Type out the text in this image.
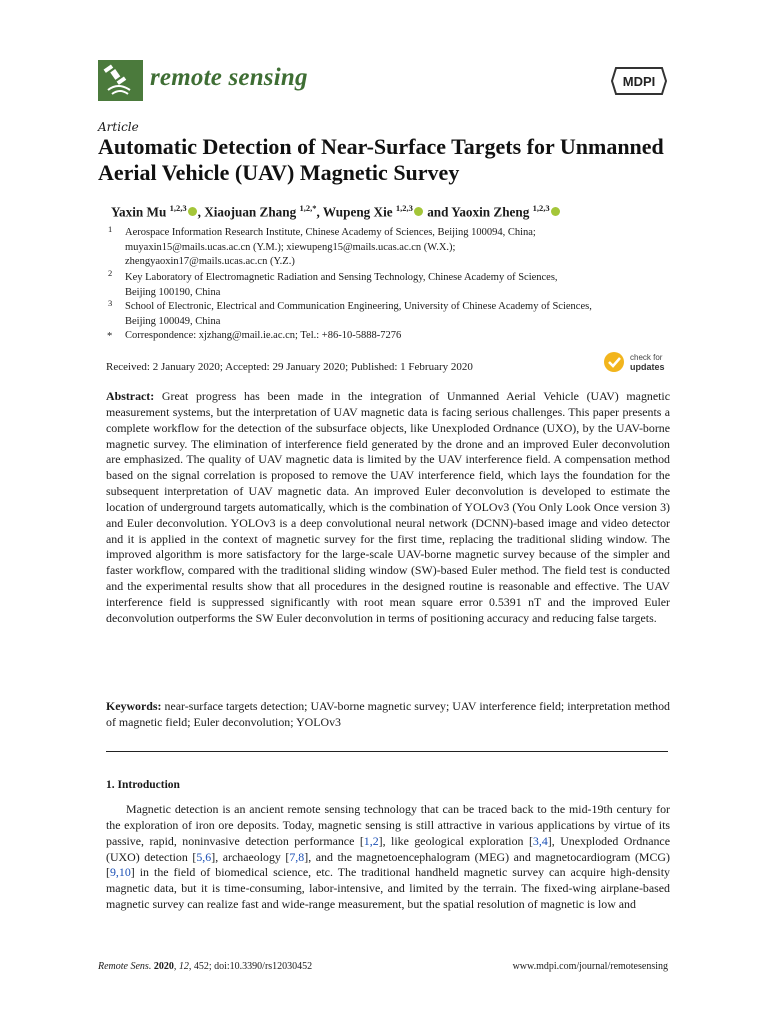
remote sensing	MDPI
Article
Automatic Detection of Near-Surface Targets for Unmanned Aerial Vehicle (UAV) Magnetic Survey
Yaxin Mu $^{1,2,3}$ , Xiaojuan Zhang $^{1,2,*}$, Wupeng Xie $^{1,2,3}$ and Yaoxin Zheng $^{1,2,3}$
1 Aerospace Information Research Institute, Chinese Academy of Sciences, Beijing 100094, China;
muyaxin15@mails.ucas.ac.cn (Y.M.); xiewupeng15@mails.ucas.ac.cn (W.X.);
zhengyaoxin17@mails.ucas.ac.cn (Y.Z.)
2 Key Laboratory of Electromagnetic Radiation and Sensing Technology, Chinese Academy of Sciences,
Beijing 100190, China
3 School of Electronic, Electrical and Communication Engineering, University of Chinese Academy of Sciences,
Beijing 100049, China
* Correspondence: xjzhang@mail.ie.ac.cn; Tel.: +86-10-5888-7276
Received: 2 January 2020; Accepted: 29 January 2020; Published: 1 February 2020
check for
updates
Abstract: Great progress has been made in the integration of Unmanned Aerial Vehicle (UAV) magnetic measurement systems, but the interpretation of UAV magnetic data is facing serious challenges. This paper presents a complete workflow for the detection of the subsurface objects, like Unexploded Ordnance (UXO), by the UAV-borne magnetic survey. The elimination of interference field generated by the drone and an improved Euler deconvolution are emphasized. The quality of UAV magnetic data is limited by the UAV interference field. A compensation method based on the signal correlation is proposed to remove the UAV interference field, which lays the foundation for the subsequent interpretation of UAV magnetic data. An improved Euler deconvolution is developed to estimate the location of underground targets automatically, which is the combination of YOLOv3 (You Only Look Once version 3) and Euler deconvolution. YOLOv3 is a deep convolutional neural network (DCNN)-based image and video detector and it is applied in the context of magnetic survey for the first time, replacing the traditional sliding window. The improved algorithm is more satisfactory for the large-scale UAV-borne magnetic survey because of the simpler and faster workflow, compared with the traditional sliding window (SW)-based Euler method. The field test is conducted and the experimental results show that all procedures in the designed routine is reasonable and effective. The UAV interference field is suppressed significantly with root mean square error 0.5391 nT and the improved Euler deconvolution outperforms the SW Euler deconvolution in terms of positioning accuracy and reducing false targets.
Keywords: near-surface targets detection; UAV-borne magnetic survey; UAV interference field; interpretation method of magnetic field; Euler deconvolution; YOLOv3
1. Introduction
Magnetic detection is an ancient remote sensing technology that can be traced back to the mid-19th century for the exploration of iron ore deposits. Today, magnetic sensing is still attractive in various applications by virtue of its passive, rapid, noninvasive detection performance [1,2], like geological exploration [3,4], Unexploded Ordnance (UXO) detection [5,6], archaeology [7,8], and the magnetoencephalogram (MEG) and magnetocardiogram (MCG) [9,10] in the field of biomedical science, etc. The traditional handheld magnetic survey can acquire high-density magnetic data, but it is time-consuming, labor-intensive, and limited by the terrain. The fixed-wing airplane-based magnetic survey can realize fast and wide-range measurement, but the spatial resolution of magnetic is low and
Remote Sens. 2020, 12, 452; doi:10.3390/rs12030452	www.mdpi.com/journal/remotesensing
